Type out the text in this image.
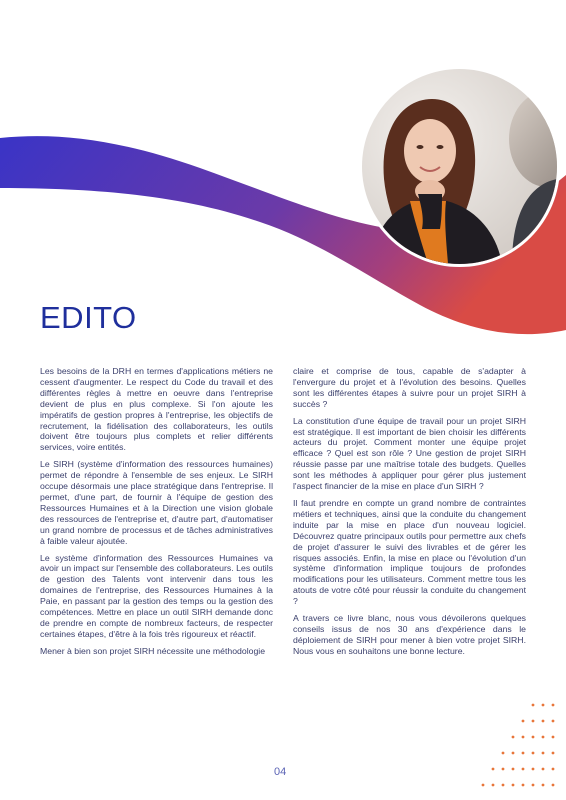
EDITO

Les besoins de la DRH en termes d'applications métiers ne cessent d'augmenter. Le respect du Code du travail et des différentes règles à mettre en oeuvre dans l'entreprise devient de plus en plus complexe. Si l'on ajoute les impératifs de gestion propres à l'entreprise, les objectifs de recrutement, la fidélisation des collaborateurs, les outils doivent être toujours plus complets et relier différents services, voire entités.

Le SIRH (système d'information des ressources humaines) permet de répondre à l'ensemble de ses enjeux. Le SIRH occupe désormais une place stratégique dans l'entreprise. Il permet, d'une part, de fournir à l'équipe de gestion des Ressources Humaines et à la Direction une vision globale des ressources de l'entreprise et, d'autre part, d'automatiser un grand nombre de processus et de tâches administratives à faible valeur ajoutée.

Le système d'information des Ressources Humaines va avoir un impact sur l'ensemble des collaborateurs. Les outils de gestion des Talents vont intervenir dans tous les domaines de l'entreprise, des Ressources Humaines à la Paie, en passant par la gestion des temps ou la gestion des compétences. Mettre en place un outil SIRH demande donc de prendre en compte de nombreux facteurs, de respecter certaines étapes, d'être à la fois très rigoureux et réactif.

Mener à bien son projet SIRH nécessite une méthodologie

claire et comprise de tous, capable de s'adapter à l'envergure du projet et à l'évolution des besoins. Quelles sont les différentes étapes à suivre pour un projet SIRH à succès ?

La constitution d'une équipe de travail pour un projet SIRH est stratégique. Il est important de bien choisir les différents acteurs du projet. Comment monter une équipe projet efficace ? Quel est son rôle ? Une gestion de projet SIRH réussie passe par une maîtrise totale des budgets. Quelles sont les méthodes à appliquer pour gérer plus justement l'aspect financier de la mise en place d'un SIRH ?

Il faut prendre en compte un grand nombre de contraintes métiers et techniques, ainsi que la conduite du changement induite par la mise en place d'un nouveau logiciel. Découvrez quatre principaux outils pour permettre aux chefs de projet d'assurer le suivi des livrables et de gérer les risques associés. Enfin, la mise en place ou l'évolution d'un système d'information implique toujours de profondes modifications pour les utilisateurs. Comment mettre tous les atouts de votre côté pour réussir la conduite du changement ?

A travers ce livre blanc, nous vous dévoilerons quelques conseils issus de nos 30 ans d'expérience dans le déploiement de SIRH pour mener à bien votre projet SIRH. Nous vous en souhaitons une bonne lecture.

04
